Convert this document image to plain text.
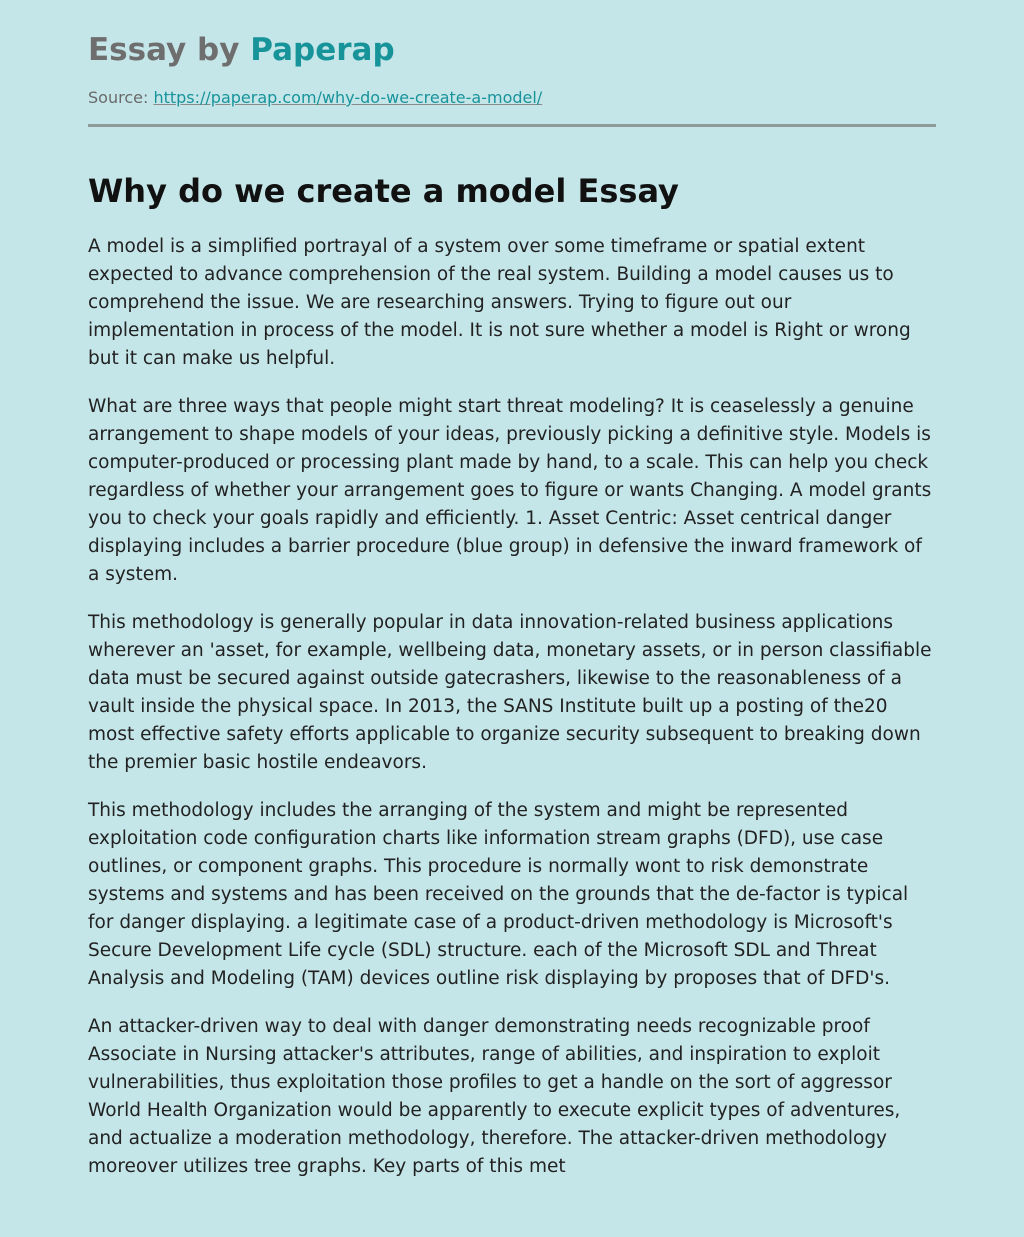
Essay by Paperap
Source: https://paperap.com/why-do-we-create-a-model/
Why do we create a model Essay

A model is a simplified portrayal of a system over some timeframe or spatial extent expected to advance comprehension of the real system. Building a model causes us to comprehend the issue. We are researching answers. Trying to figure out our implementation in process of the model. It is not sure whether a model is Right or wrong but it can make us helpful.

What are three ways that people might start threat modeling? It is ceaselessly a genuine arrangement to shape models of your ideas, previously picking a definitive style. Models is computer-produced or processing plant made by hand, to a scale. This can help you check regardless of whether your arrangement goes to figure or wants Changing. A model grants you to check your goals rapidly and efficiently. 1. Asset Centric: Asset centrical danger displaying includes a barrier procedure (blue group) in defensive the inward framework of a system.

This methodology is generally popular in data innovation-related business applications wherever an 'asset, for example, wellbeing data, monetary assets, or in person classifiable data must be secured against outside gatecrashers, likewise to the reasonableness of a vault inside the physical space. In 2013, the SANS Institute built up a posting of the20 most effective safety efforts applicable to organize security subsequent to breaking down the premier basic hostile endeavors.

This methodology includes the arranging of the system and might be represented exploitation code configuration charts like information stream graphs (DFD), use case outlines, or component graphs. This procedure is normally wont to risk demonstrate systems and systems and has been received on the grounds that the de-factor is typical for danger displaying. a legitimate case of a product-driven methodology is Microsoft's Secure Development Life cycle (SDL) structure. each of the Microsoft SDL and Threat Analysis and Modeling (TAM) devices outline risk displaying by proposes that of DFD's.

An attacker-driven way to deal with danger demonstrating needs recognizable proof Associate in Nursing attacker's attributes, range of abilities, and inspiration to exploit vulnerabilities, thus exploitation those profiles to get a handle on the sort of aggressor World Health Organization would be apparently to execute explicit types of adventures, and actualize a moderation methodology, therefore. The attacker-driven methodology moreover utilizes tree graphs. Key parts of this met
